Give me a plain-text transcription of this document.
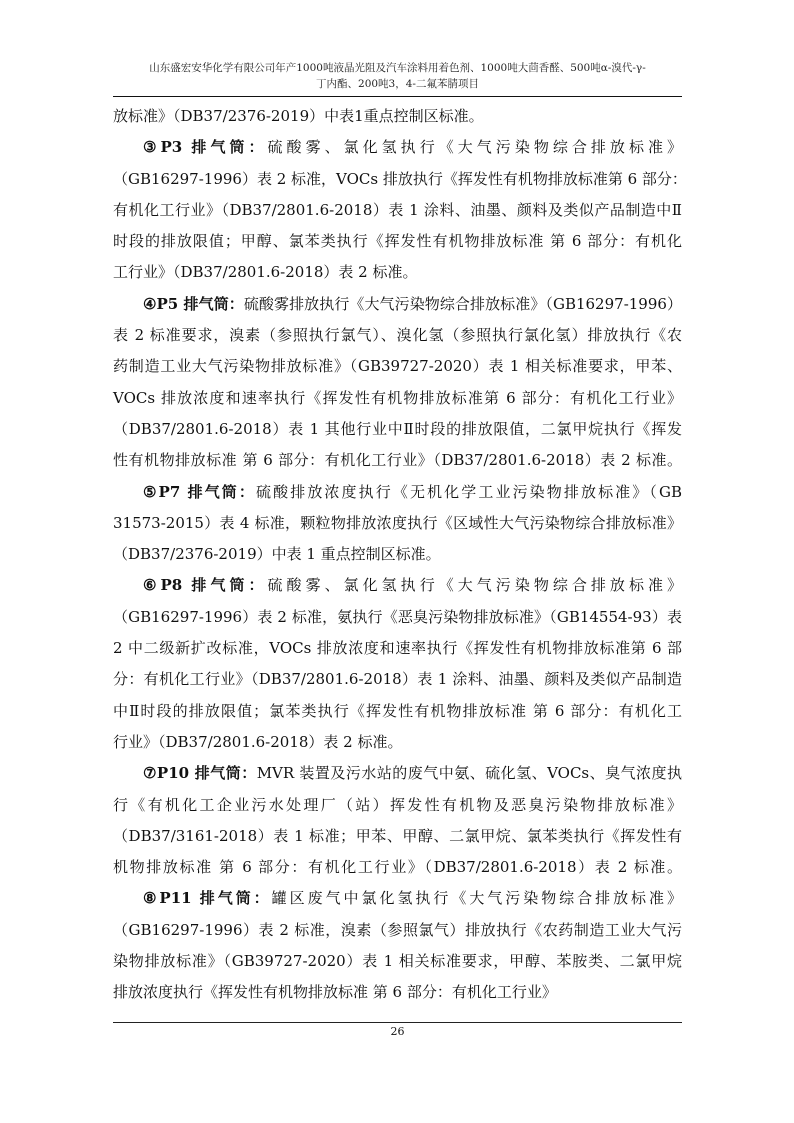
山东盛宏安华化学有限公司年产1000吨液晶光阻及汽车涂料用着色剂、1000吨大茴香醛、500吨α-溴代-γ-
丁内酯、200吨3，4-二氟苯腈项目
放标准》（DB37/2376-2019）中表1重点控制区标准。
③P3 排气筒：硫酸雾、氯化氢执行《大气污染物综合排放标准》
（GB16297-1996）表 2 标准，VOCs 排放执行《挥发性有机物排放标准第 6 部分：
有机化工行业》（DB37/2801.6-2018）表 1 涂料、油墨、颜料及类似产品制造中Ⅱ
时段的排放限值；甲醇、氯苯类执行《挥发性有机物排放标准 第 6 部分：有机化
工行业》（DB37/2801.6-2018）表 2 标准。
④P5 排气筒：硫酸雾排放执行《大气污染物综合排放标准》（GB16297-1996）
表 2 标准要求，溴素（参照执行氯气）、溴化氢（参照执行氯化氢）排放执行《农
药制造工业大气污染物排放标准》（GB39727-2020）表 1 相关标准要求，甲苯、
VOCs 排放浓度和速率执行《挥发性有机物排放标准第 6 部分：有机化工行业》
（DB37/2801.6-2018）表 1 其他行业中Ⅱ时段的排放限值，二氯甲烷执行《挥发
性有机物排放标准 第 6 部分：有机化工行业》（DB37/2801.6-2018）表 2 标准。
⑤P7 排气筒：硫酸排放浓度执行《无机化学工业污染物排放标准》（GB
31573-2015）表 4 标准，颗粒物排放浓度执行《区域性大气污染物综合排放标准》
（DB37/2376-2019）中表 1 重点控制区标准。
⑥P8 排气筒：硫酸雾、氯化氢执行《大气污染物综合排放标准》
（GB16297-1996）表 2 标准，氨执行《恶臭污染物排放标准》（GB14554-93）表
2 中二级新扩改标准，VOCs 排放浓度和速率执行《挥发性有机物排放标准第 6 部
分：有机化工行业》（DB37/2801.6-2018）表 1 涂料、油墨、颜料及类似产品制造
中Ⅱ时段的排放限值；氯苯类执行《挥发性有机物排放标准 第 6 部分：有机化工
行业》（DB37/2801.6-2018）表 2 标准。
⑦P10 排气筒：MVR 装置及污水站的废气中氨、硫化氢、VOCs、臭气浓度执
行《有机化工企业污水处理厂（站）挥发性有机物及恶臭污染物排放标准》
（DB37/3161-2018）表 1 标准；甲苯、甲醇、二氯甲烷、氯苯类执行《挥发性有
机物排放标准 第 6 部分：有机化工行业》（DB37/2801.6-2018）表 2 标准。
⑧P11 排气筒：罐区废气中氯化氢执行《大气污染物综合排放标准》
（GB16297-1996）表 2 标准，溴素（参照氯气）排放执行《农药制造工业大气污
染物排放标准》（GB39727-2020）表 1 相关标准要求，甲醇、苯胺类、二氯甲烷
排放浓度执行《挥发性有机物排放标准 第 6 部分：有机化工行业》
26
